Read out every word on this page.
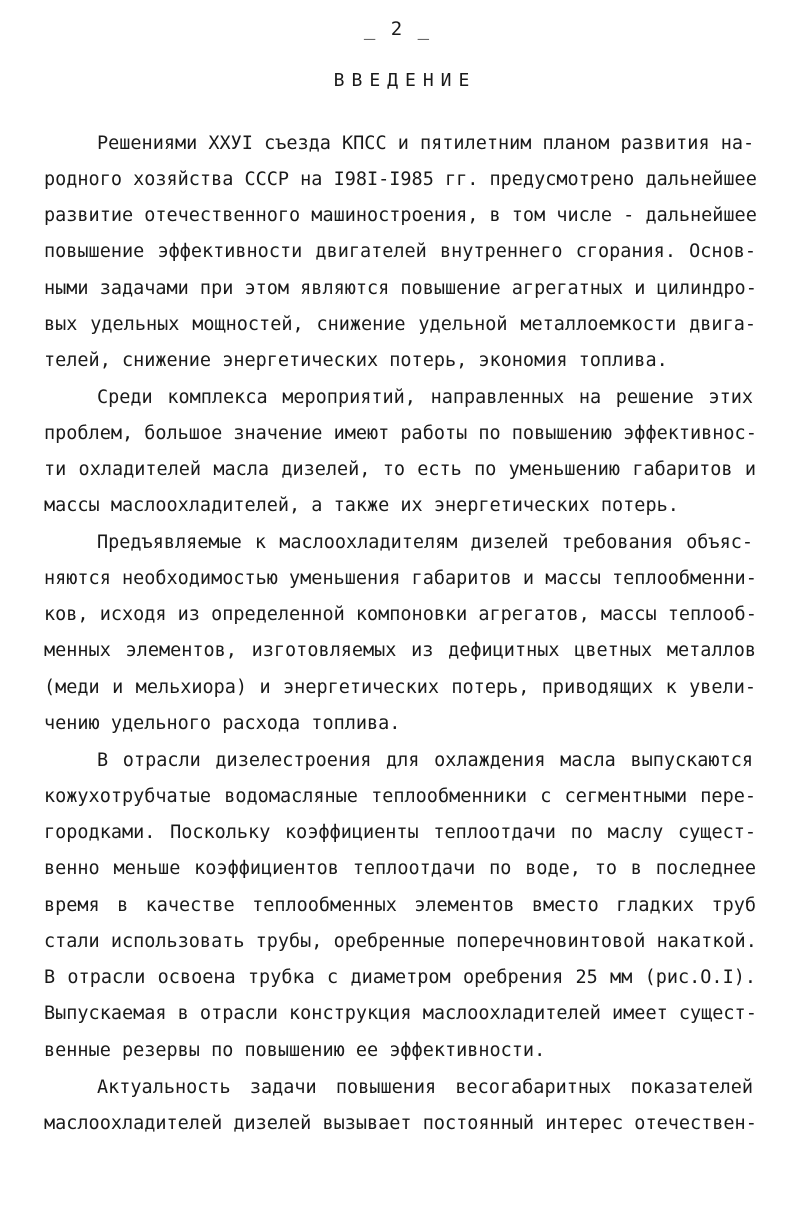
_ 2 _
ВВЕДЕНИЕ
Решениями ХХУI съезда КПСС и пятилетним планом развития на-
родного хозяйства СССР на I98I-I985 гг. предусмотрено дальнейшее
развитие отечественного машиностроения, в том числе - дальнейшее
повышение эффективности двигателей внутреннего сгорания. Основ-
ными задачами при этом являются повышение агрегатных и цилиндро-
вых удельных мощностей, снижение удельной металлоемкости двига-
телей, снижение энергетических потерь, экономия топлива.
Среди комплекса мероприятий, направленных на решение этих
проблем, большое значение имеют работы по повышению эффективнос-
ти охладителей масла дизелей, то есть по уменьшению габаритов и
массы маслоохладителей, а также их энергетических потерь.
Предъявляемые к маслоохладителям дизелей требования объяс-
няются необходимостью уменьшения габаритов и массы теплообменни-
ков, исходя из определенной компоновки агрегатов, массы теплооб-
менных элементов, изготовляемых из дефицитных цветных металлов
(меди и мельхиора) и энергетических потерь, приводящих к увели-
чению удельного расхода топлива.
В отрасли дизелестроения для охлаждения масла выпускаются
кожухотрубчатые водомасляные теплообменники с сегментными пере-
городками. Поскольку коэффициенты теплоотдачи по маслу сущест-
венно меньше коэффициентов теплоотдачи по воде, то в последнее
время в качестве теплообменных элементов вместо гладких труб
стали использовать трубы, оребренные поперечновинтовой накаткой.
В отрасли освоена трубка с диаметром оребрения 25 мм (рис.О.I).
Выпускаемая в отрасли конструкция маслоохладителей имеет сущест-
венные резервы по повышению ее эффективности.
Актуальность задачи повышения весогабаритных показателей
маслоохладителей дизелей вызывает постоянный интерес отечествен-
